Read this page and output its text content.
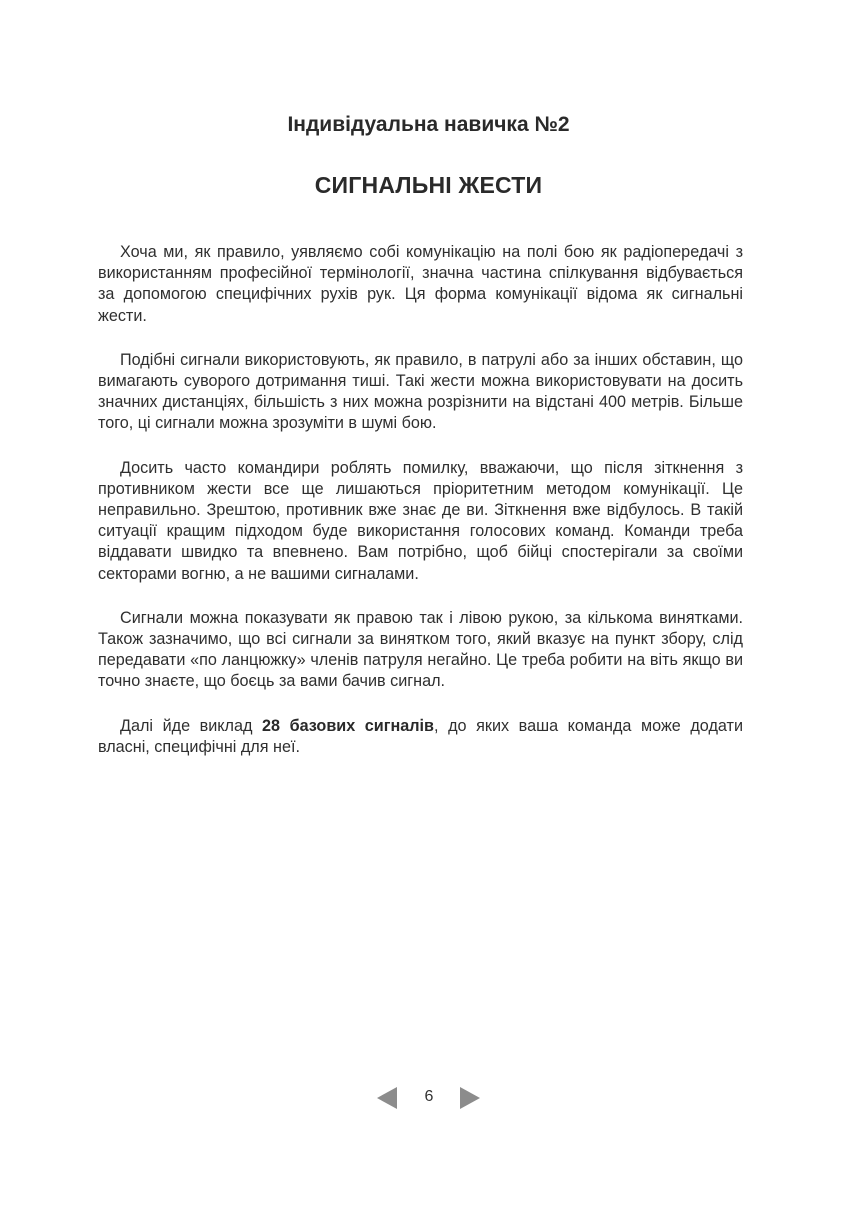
Індивідуальна навичка №2
СИГНАЛЬНІ ЖЕСТИ

Хоча ми, як правило, уявляємо собі комунікацію на полі бою як радіопередачі з використанням професійної термінології, значна частина спілкування відбувається за допомогою специфічних рухів рук. Ця форма комунікації відома як сигнальні жести.

Подібні сигнали використовують, як правило, в патрулі або за інших обставин, що вимагають суворого дотримання тиші. Такі жести можна використовувати на досить значних дистанціях, більшість з них можна розрізнити на відстані 400 метрів. Більше того, ці сигнали можна зрозуміти в шумі бою.

Досить часто командири роблять помилку, вважаючи, що після зіткнення з противником жести все ще лишаються пріоритетним методом комунікації. Це неправильно. Зрештою, противник вже знає де ви. Зіткнення вже відбулось. В такій ситуації кращим підходом буде використання голосових команд. Команди треба віддавати швидко та впевнено. Вам потрібно, щоб бійці спостерігали за своїми секторами вогню, а не вашими сигналами.

Сигнали можна показувати як правою так і лівою рукою, за кількома винятками. Також зазначимо, що всі сигнали за винятком того, який вказує на пункт збору, слід передавати «по ланцюжку» членів патруля негайно. Це треба робити на віть якщо ви точно знаєте, що боєць за вами бачив сигнал.

Далі йде виклад 28 базових сигналів, до яких ваша команда може додати власні, специфічні для неї.

6
